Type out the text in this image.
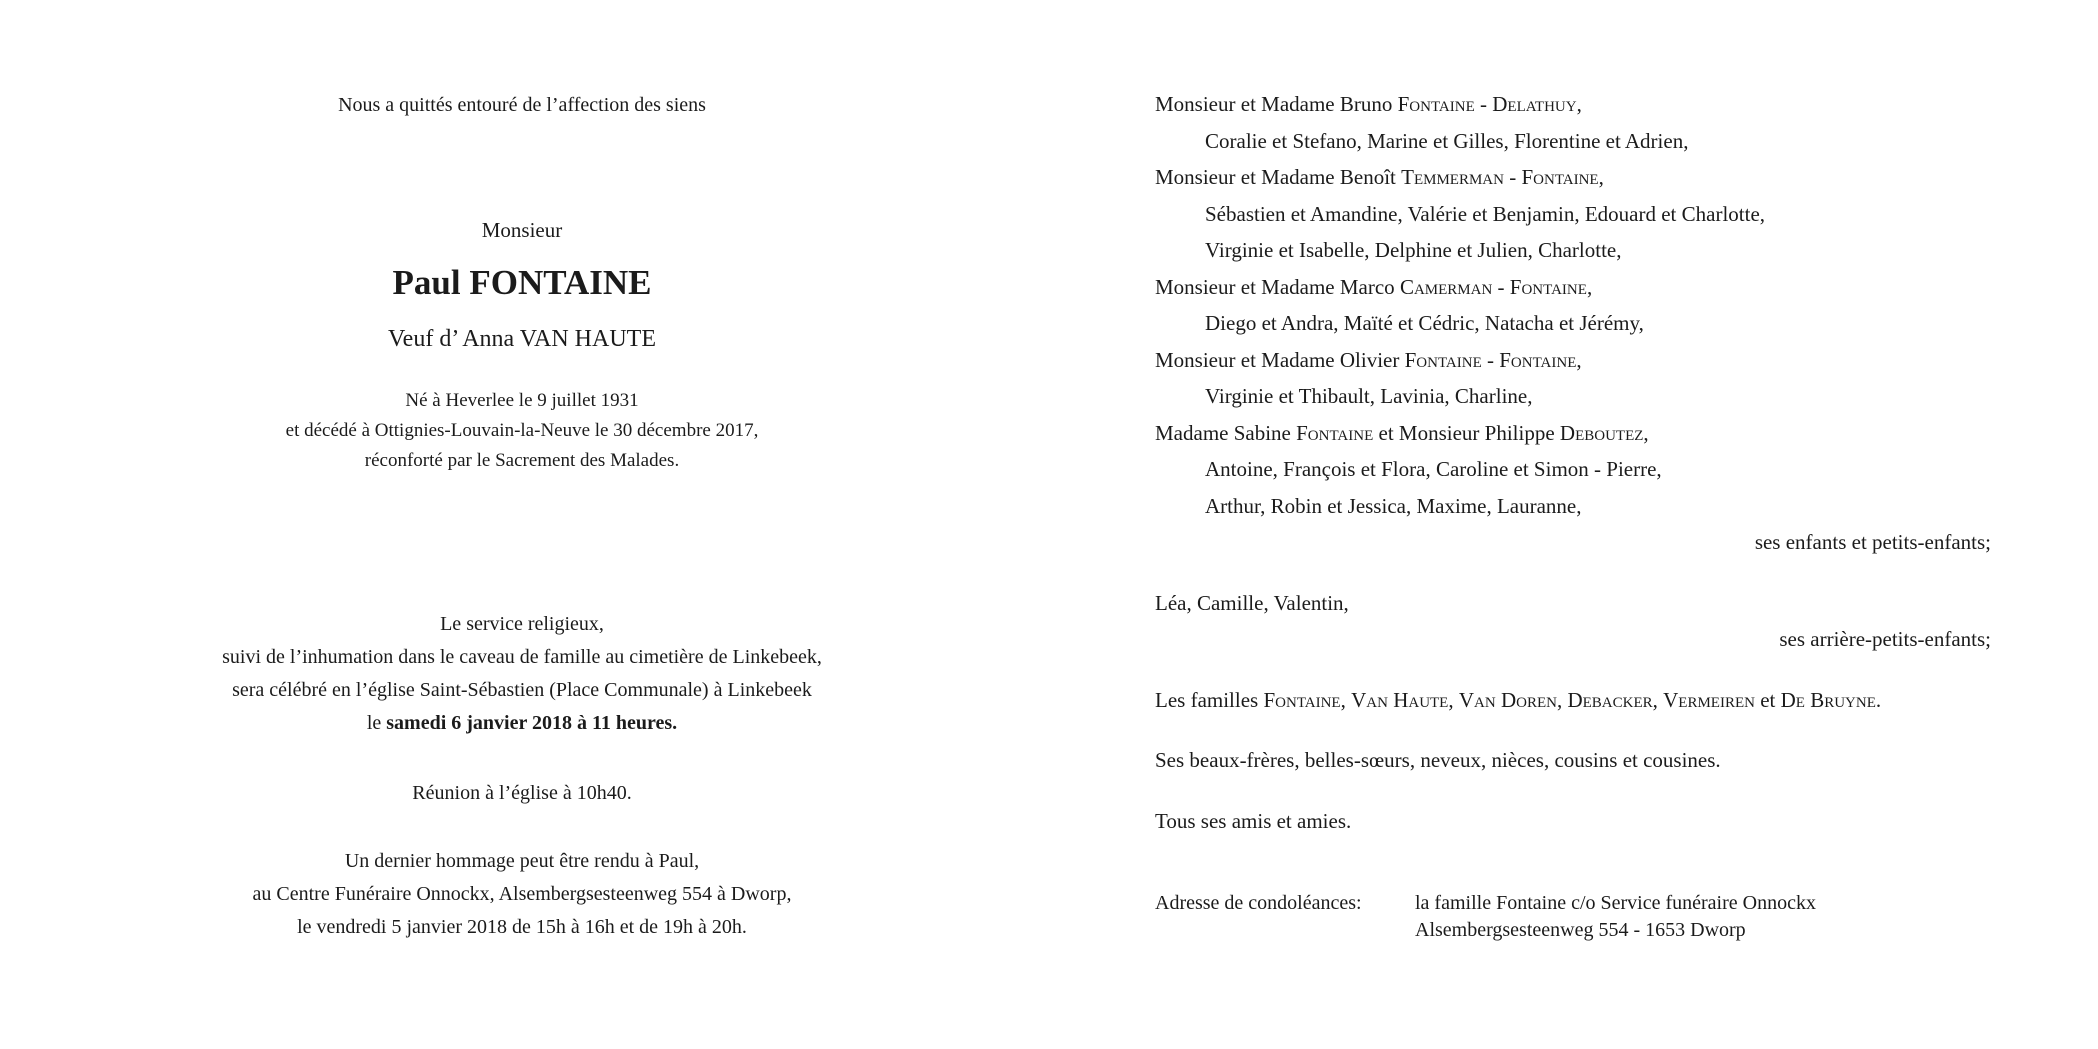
Nous a quittés entouré de l’affection des siens
Monsieur
Paul FONTAINE
Veuf d’ Anna VAN HAUTE
Né à Heverlee le 9 juillet 1931
et décédé à Ottignies-Louvain-la-Neuve le 30 décembre 2017,
réconforté par le Sacrement des Malades.
Le service religieux,
suivi de l’inhumation dans le caveau de famille au cimetière de Linkebeek,
sera célébré en l’église Saint-Sébastien (Place Communale) à Linkebeek
le samedi 6 janvier 2018 à 11 heures.
Réunion à l’église à 10h40.
Un dernier hommage peut être rendu à Paul,
au Centre Funéraire Onnockx, Alsembergsesteenweg 554 à Dworp,
le vendredi 5 janvier 2018 de 15h à 16h et de 19h à 20h.
Monsieur et Madame Bruno Fontaine - Delathuy,
Coralie et Stefano, Marine et Gilles, Florentine et Adrien,
Monsieur et Madame Benoît Temmerman - Fontaine,
Sébastien et Amandine, Valérie et Benjamin, Edouard et Charlotte,
Virginie et Isabelle, Delphine et Julien, Charlotte,
Monsieur et Madame Marco Camerman - Fontaine,
Diego et Andra, Maïté et Cédric, Natacha et Jérémy,
Monsieur et Madame Olivier Fontaine - Fontaine,
Virginie et Thibault, Lavinia, Charline,
Madame Sabine Fontaine et Monsieur Philippe Deboutez,
Antoine, François et Flora, Caroline et Simon - Pierre,
Arthur, Robin et Jessica, Maxime, Lauranne,
ses enfants et petits-enfants;
Léa, Camille, Valentin,
ses arrière-petits-enfants;
Les familles Fontaine, Van Haute, Van Doren, Debacker, Vermeiren et De Bruyne.
Ses beaux-frères, belles-sœurs, neveux, nièces, cousins et cousines.
Tous ses amis et amies.
Adresse de condoléances:	la famille Fontaine c/o Service funéraire Onnockx
Alsembergsesteenweg 554 - 1653 Dworp
